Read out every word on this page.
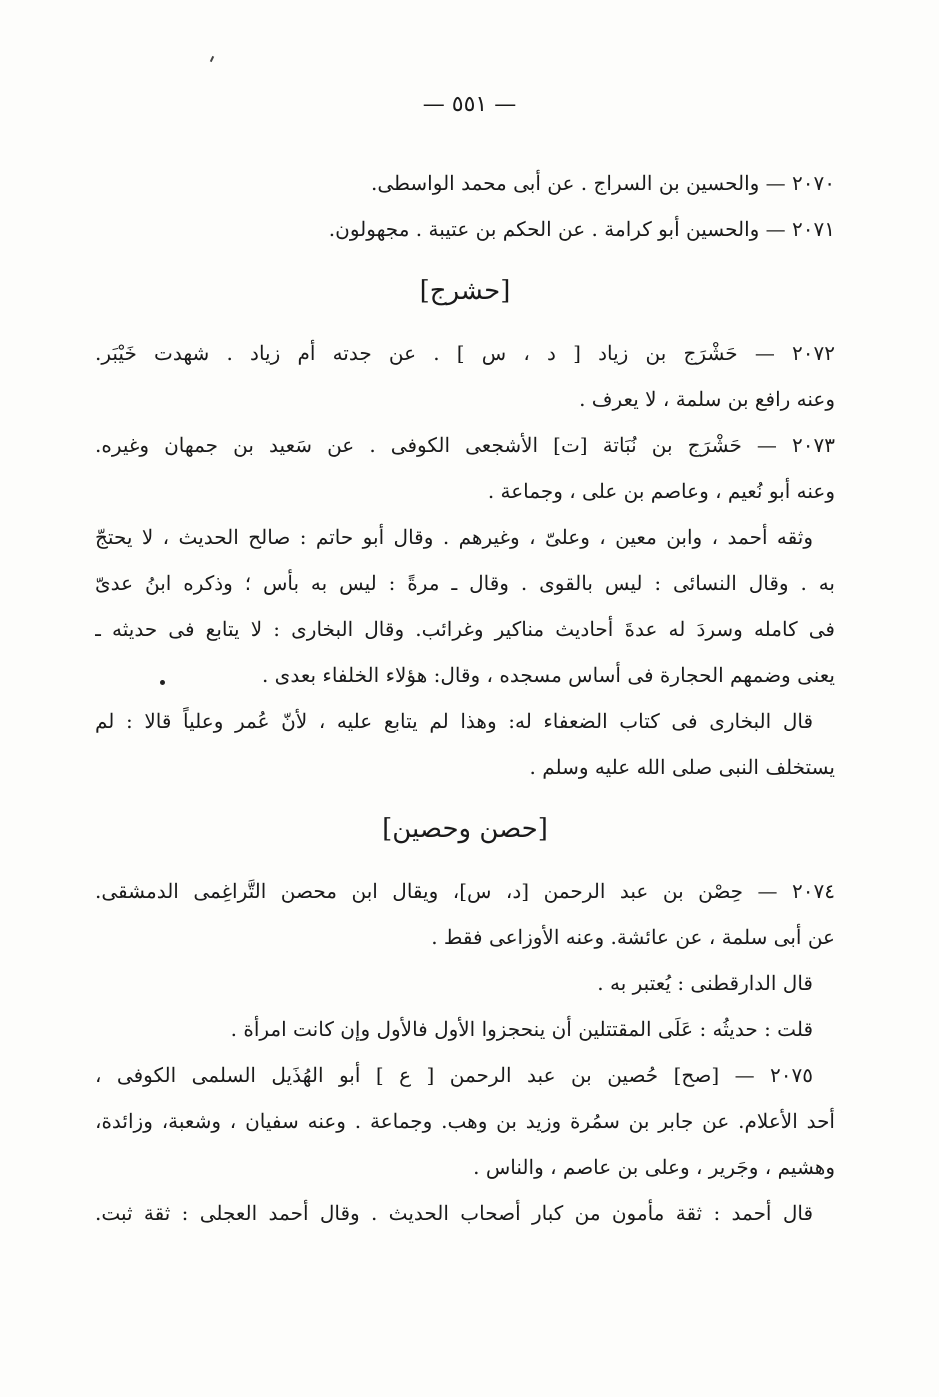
— ٥٥١ —
٢٠٧٠ — والحسين بن السراج . عن أبى محمد الواسطى.
٢٠٧١ — والحسين أبو كرامة . عن الحكم بن عتيبة . مجهولون.
[حشرج]
٢٠٧٢ — حَشْرَج بن زياد [ د ، س ] . عن جدته أم زياد . شهدت خَيْبَر.
وعنه رافع بن سلمة ، لا يعرف .
٢٠٧٣ — حَشْرَج بن نُبَاتة [ت] الأشجعى الكوفى . عن سَعيد بن جمهان وغيره.
وعنه أبو نُعيم ، وعاصم بن على ، وجماعة .
وثقه أحمد ، وابن معين ، وعلىّ ، وغيرهم . وقال أبو حاتم : صالح الحديث ، لا يحتجّ
به . وقال النسائى : ليس بالقوى . وقال ـ مرةً : ليس به بأس ؛ وذكره ابنُ عدىّ
فى كامله وسردَ له عدةَ أحاديث مناكير وغرائب. وقال البخارى : لا يتابع فى حديثه ـ
يعنى وضمهم الحجارة فى أساس مسجده ، وقال: هؤلاء الخلفاء بعدى .
قال البخارى فى كتاب الضعفاء له: وهذا لم يتابع عليه ، لأنّ عُمر وعلياً قالا : لم
يستخلف النبى صلى الله عليه وسلم .
[حصن وحصين]
٢٠٧٤ — حِصْن بن عبد الرحمن [د، س]، ويقال ابن محصن التَّراغِمى الدمشقى.
عن أبى سلمة ، عن عائشة. وعنه الأوزاعى فقط .
قال الدارقطنى : يُعتبر به .
قلت : حديثُه : عَلَى المقتتلين أن ينحجزوا الأول فالأول وإن كانت امرأة .
٢٠٧٥ — [صح] حُصين بن عبد الرحمن [ ع ] أبو الهُذَيل السلمى الكوفى ،
أحد الأعلام. عن جابر بن سمُرة وزيد بن وهب. وجماعة . وعنه سفيان ، وشعبة، وزائدة،
وهشيم ، وجَرير ، وعلى بن عاصم ، والناس .
قال أحمد : ثقة مأمون من كبار أصحاب الحديث . وقال أحمد العجلى : ثقة ثبت.
